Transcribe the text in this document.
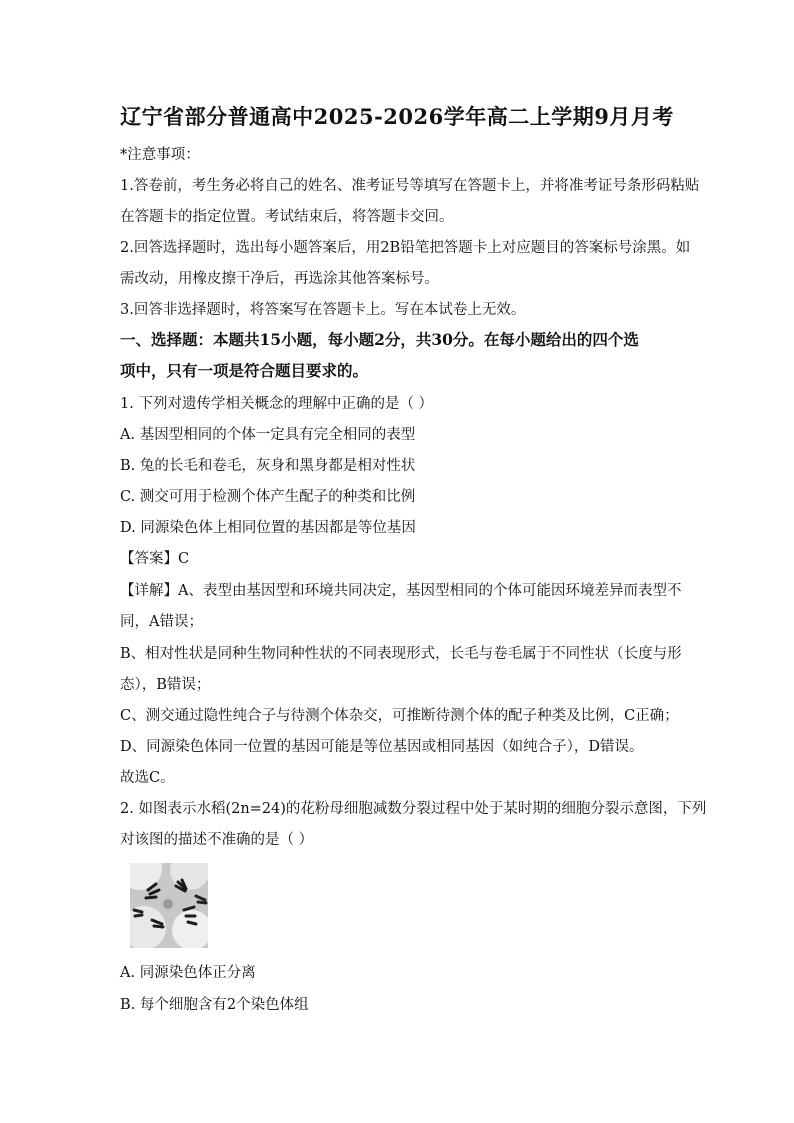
辽宁省部分普通高中2025-2026学年高二上学期9月月考
*注意事项：
1.答卷前，考生务必将自己的姓名、准考证号等填写在答题卡上，并将准考证号条形码粘贴
在答题卡的指定位置。考试结束后，将答题卡交回。
2.回答选择题时，选出每小题答案后，用2B铅笔把答题卡上对应题目的答案标号涂黑。如
需改动，用橡皮擦干净后，再选涂其他答案标号。
3.回答非选择题时，将答案写在答题卡上。写在本试卷上无效。
一、选择题：本题共15小题，每小题2分，共30分。在每小题给出的四个选
项中，只有一项是符合题目要求的。
1. 下列对遗传学相关概念的理解中正确的是（ ）
A. 基因型相同的个体一定具有完全相同的表型
B. 兔的长毛和卷毛，灰身和黑身都是相对性状
C. 测交可用于检测个体产生配子的种类和比例
D. 同源染色体上相同位置的基因都是等位基因
【答案】C
【详解】A、表型由基因型和环境共同决定，基因型相同的个体可能因环境差异而表型不
同，A错误；
B、相对性状是同种生物同种性状的不同表现形式，长毛与卷毛属于不同性状（长度与形
态），B错误；
C、测交通过隐性纯合子与待测个体杂交，可推断待测个体的配子种类及比例，C正确；
D、同源染色体同一位置的基因可能是等位基因或相同基因（如纯合子），D错误。
故选C。
2. 如图表示水稻(2n=24)的花粉母细胞减数分裂过程中处于某时期的细胞分裂示意图，下列
对该图的描述不准确的是（ ）
A. 同源染色体正分离
B. 每个细胞含有2个染色体组
